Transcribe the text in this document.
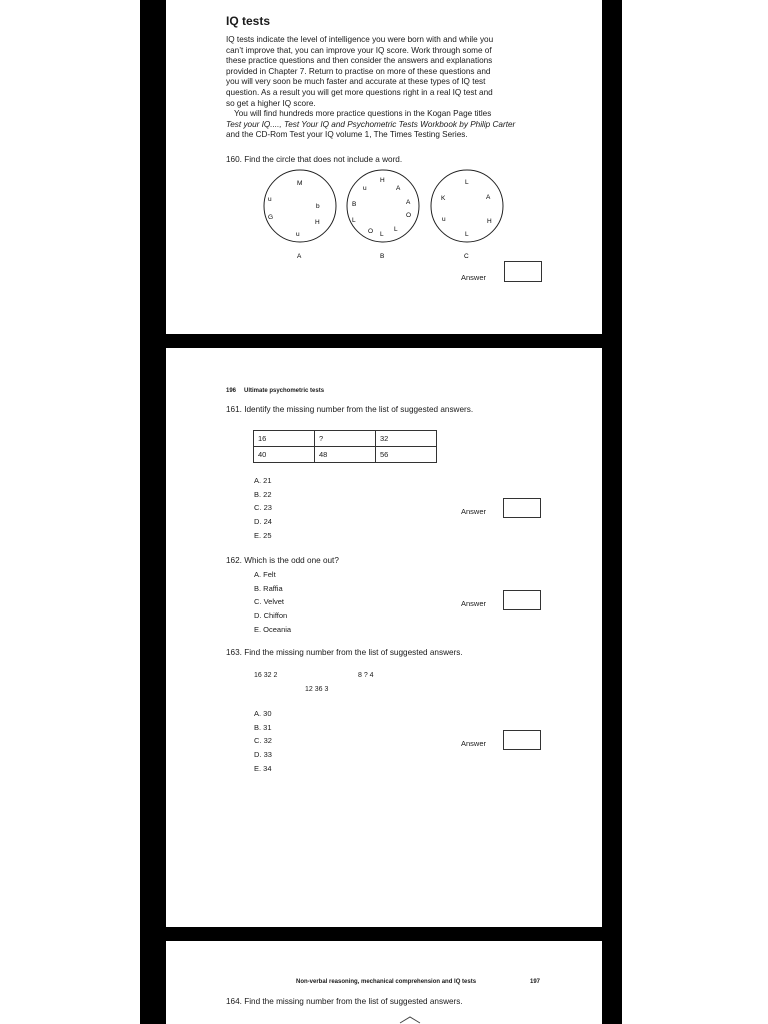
IQ tests

IQ tests indicate the level of intelligence you were born with and while you

can’t improve that, you can improve your IQ score. Work through some of

these practice questions and then consider the answers and explanations

provided in Chapter 7. Return to practise on more of these questions and

you will very soon be much faster and accurate at these types of IQ test

question. As a result you will get more questions right in a real IQ test and

so get a higher IQ score.

You will find hundreds more practice questions in the Kogan Page titles

Test your IQ...., Test Your IQ and Psychometric Tests Workbook by Philip Carter

and the CD-Rom Test your IQ volume 1, The Times Testing Series.

160. Find the circle that does not include a word.
M
u
b
G
H
u
u
H
A
B	A
L
O
O L
L
L
K	A
u	H
L
A	B	C
Answer
196 Ultimate psychometric tests
161. Identify the missing number from the list of suggested answers.
16	?	32
40	48	56
A. 21
B. 22
C. 23
D. 24
E. 25
Answer
162. Which is the odd one out?
A. Felt
B. Raffia
C. Velvet
D. Chiffon
E. Oceania
Answer
163. Find the missing number from the list of suggested answers.
16 32 2	8 ? 4
12 36 3
A. 30
B. 31
C. 32
D. 33
E. 34
Answer
Non-verbal reasoning, mechanical comprehension and IQ tests	197
164. Find the missing number from the list of suggested answers.
